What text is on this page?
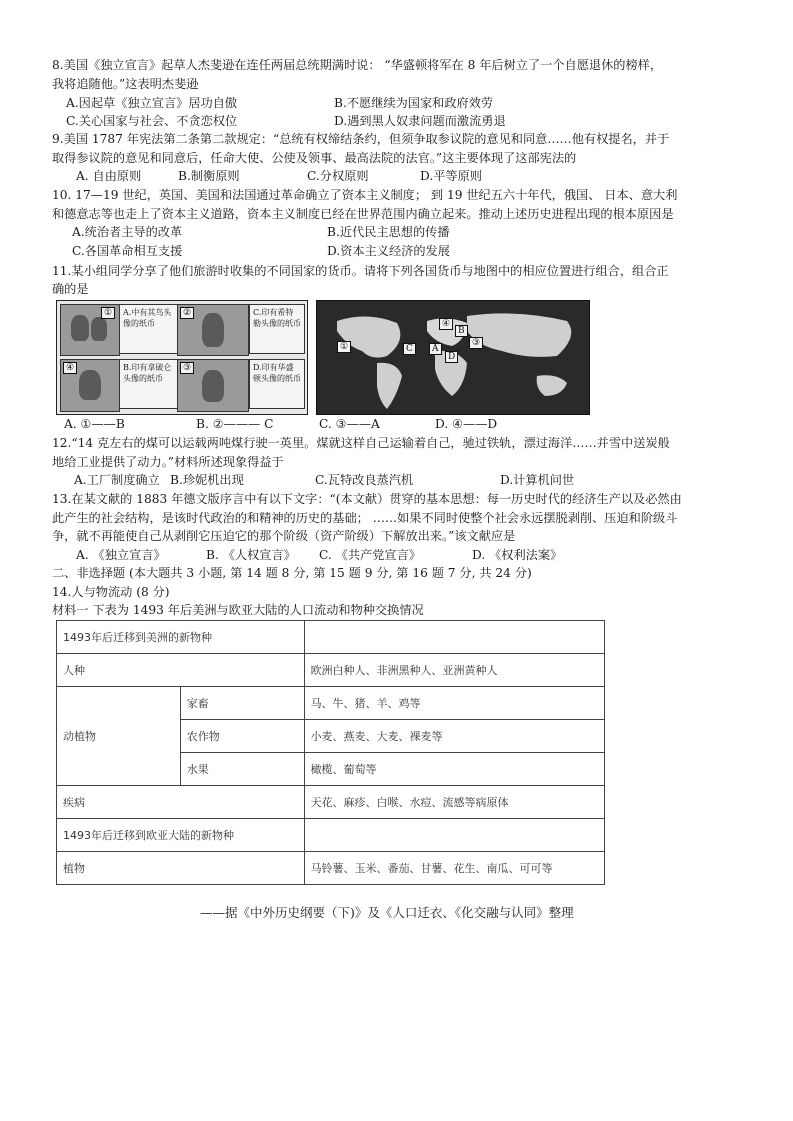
8.美国《独立宣言》起草人杰斐逊在连任两届总统期满时说： “华盛顿将军在 8 年后树立了一个自愿退休的榜样，
我将追随他。”这表明杰斐逊
A.因起草《独立宣言》居功自傲	B.不愿继续为国家和政府效劳
C.关心国家与社会、不贪恋权位	D.遇到黑人奴隶问题而激流勇退
9.美国 1787 年宪法第二条第二款规定：“总统有权缔结条约，但须争取参议院的意见和同意……他有权提名，并于
取得参议院的意见和同意后，任命大使、公使及领事、最高法院的法官。”这主要体现了这部宪法的
A. 自由原则	B.制衡原则	C.分权原则	D.平等原则
10. 17—19 世纪，英国、美国和法国通过革命确立了资本主义制度； 到 19 世纪五六十年代，俄国、 日本、意大利
和德意志等也走上了资本主义道路，资本主义制度已经在世界范围内确立起来。推动上述历史进程出现的根本原因是
A.统治者主导的改革	B.近代民主思想的传播
C.各国革命相互支援	D.资本主义经济的发展
11.某小组同学分享了他们旅游时收集的不同国家的货币。请将下列各国货币与地图中的相应位置进行组合，组合正
确的是
①	A.中有其鸟头像的纸币
②	C.印有希特勒头像的纸币
④	B.印有拿破仑头像的纸币
③	D.印有华盛顿头像的纸币
④
B
①	C	A
D
③
A. ①——B	B. ②——— C	C. ③——A	D. ④——D
12.“14 克左右的煤可以运载两吨煤行驶一英里。煤就这样自己运输着自己，驰过铁轨，漂过海洋……并雪中送炭般
地给工业提供了动力。”材料所述现象得益于
A.工厂制度确立 B.珍妮机出现	C.瓦特改良蒸汽机	D.计算机问世
13.在某文献的 1883 年德文版序言中有以下文字：“(本文献）贯穿的基本思想：每一历史时代的经济生产以及必然由
此产生的社会结构，是该时代政治的和精神的历史的基础； ……如果不同时使整个社会永远摆脱剥削、压迫和阶级斗
争，就不再能使自己从剥削它压迫它的那个阶级（资产阶级）下解放出来。”该文献应是
A. 《独立宣言》	B. 《人权宣言》 C. 《共产党宣言》	D. 《权利法案》
二、非选择题 (本大题共 3 小题, 第 14 题 8 分, 第 15 题 9 分, 第 16 题 7 分, 共 24 分)
14.人与物流动 (8 分)
材料一 下表为 1493 年后美洲与欧亚大陆的人口流动和物种交换情况
1493年后迁移到美洲的新物种		
人种		欧洲白种人、非洲黑种人、亚洲黄种人
动植物	家畜	马、牛、猪、羊、鸡等
	农作物	小麦、燕麦、大麦、裸麦等
	水果	橄榄、葡萄等
疾病		天花、麻疹、白喉、水痘、流感等病原体
1493年后迁移到欧亚大陆的新物种		
植物		马铃薯、玉米、番茄、甘薯、花生、南瓜、可可等
——据《中外历史纲要（下)》及《人口迁衣、《化交融与认同》整理
